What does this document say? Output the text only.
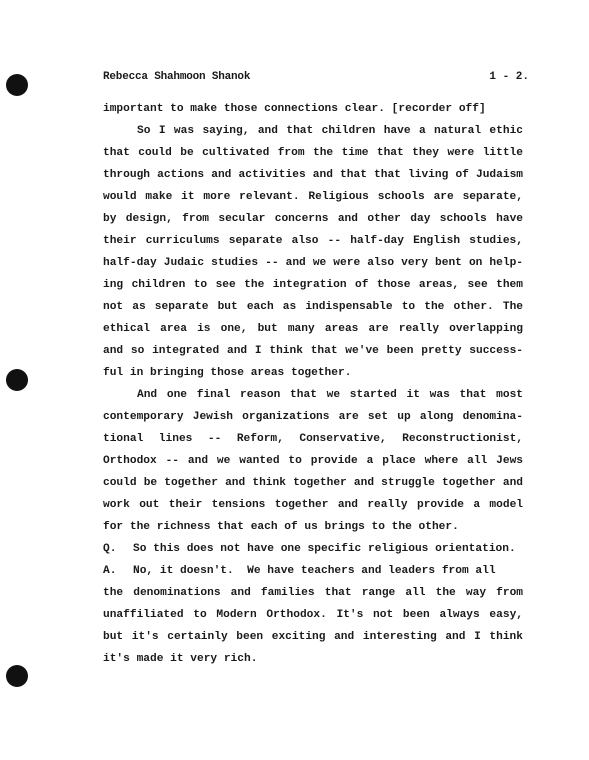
Rebecca Shahmoon Shanok	1 - 2.
important to make those connections clear. [recorder off]
So I was saying, and that children have a natural ethic
that could be cultivated from the time that they were little
through actions and activities and that that living of Judaism
would make it more relevant. Religious schools are separate,
by design, from secular concerns and other day schools have
their curriculums separate also -- half-day English studies,
half-day Judaic studies -- and we were also very bent on help-
ing children to see the integration of those areas, see them
not as separate but each as indispensable to the other. The
ethical area is one, but many areas are really overlapping
and so integrated and I think that we've been pretty success-
ful in bringing those areas together.
And one final reason that we started it was that most
contemporary Jewish organizations are set up along denomina-
tional lines -- Reform, Conservative, Reconstructionist,
Orthodox -- and we wanted to provide a place where all Jews
could be together and think together and struggle together and
work out their tensions together and really provide a model
for the richness that each of us brings to the other.
Q. So this does not have one specific religious orientation.
A. No, it doesn't.  We have teachers and leaders from all
the denominations and families that range all the way from
unaffiliated to Modern Orthodox. It's not been always easy,
but it's certainly been exciting and interesting and I think
it's made it very rich.
